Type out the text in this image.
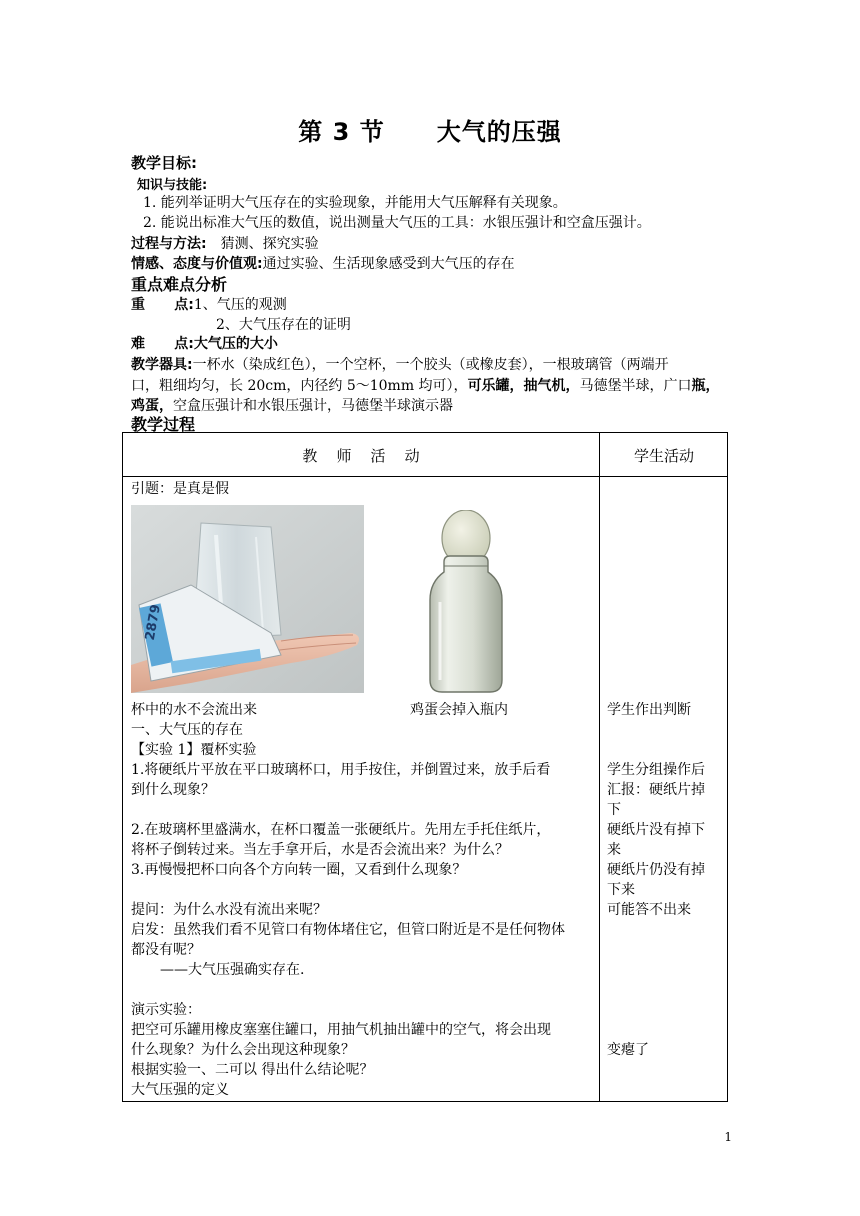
第 3 节 大气的压强
教学目标:
知识与技能:
1. 能列举证明大气压存在的实验现象，并能用大气压解释有关现象。
2. 能说出标准大气压的数值，说出测量大气压的工具：水银压强计和空盒压强计。
过程与方法: 猜测、探究实验
情感、态度与价值观:通过实验、生活现象感受到大气压的存在
重点难点分析
重      点:1、气压的观测
2、大气压存在的证明
难      点:大气压的大小
教学器具:一杯水（染成红色），一个空杯，一个胶头（或橡皮套），一根玻璃管（两端开
口，粗细均匀，长 20cm，内径约 5～10mm 均可），可乐罐，抽气机，马德堡半球，广口瓶，
鸡蛋，空盒压强计和水银压强计，马德堡半球演示器
教学过程
教    师    活    动	学生活动
引题：是真是假
2879
杯中的水不会流出来	鸡蛋会掉入瓶内
一、大气压的存在
【实验 1】覆杯实验
1.将硬纸片平放在平口玻璃杯口，用手按住，并倒置过来，放手后看
到什么现象？
2.在玻璃杯里盛满水，在杯口覆盖一张硬纸片。先用左手托住纸片，
将杯子倒转过来。当左手拿开后，水是否会流出来？为什么？
3.再慢慢把杯口向各个方向转一圈，又看到什么现象？
提问：为什么水没有流出来呢？
启发：虽然我们看不见管口有物体堵住它，但管口附近是不是任何物体
都没有呢？
——大气压强确实存在.
演示实验：
把空可乐罐用橡皮塞塞住罐口，用抽气机抽出罐中的空气，将会出现
什么现象？为什么会出现这种现象？
根据实验一、二可以 得出什么结论呢？
大气压强的定义
学生作出判断
学生分组操作后
汇报：硬纸片掉
下
硬纸片没有掉下
来
硬纸片仍没有掉
下来
可能答不出来
变瘪了
1
